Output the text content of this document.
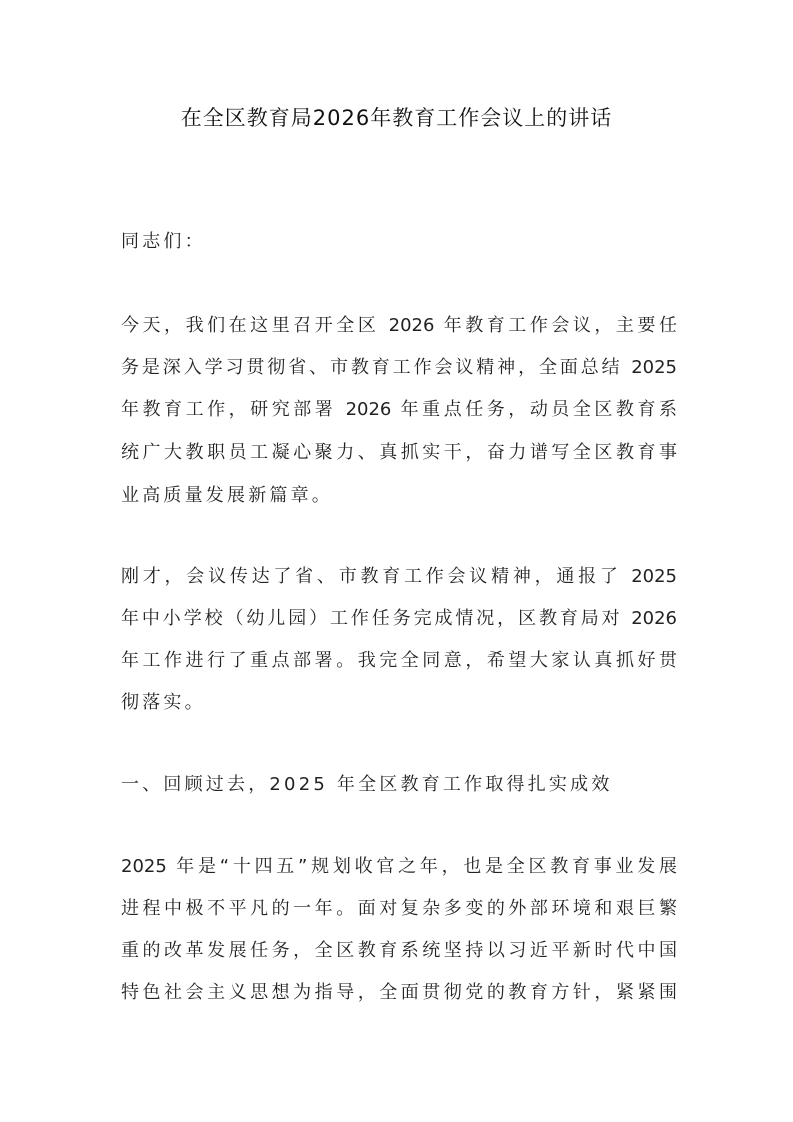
在全区教育局2026年教育工作会议上的讲话
同志们：
今天，我们在这里召开全区 2026 年教育工作会议，主要任
务是深入学习贯彻省、市教育工作会议精神，全面总结 2025
年教育工作，研究部署 2026 年重点任务，动员全区教育系
统广大教职员工凝心聚力、真抓实干，奋力谱写全区教育事
业高质量发展新篇章。
刚才，会议传达了省、市教育工作会议精神，通报了 2025
年中小学校（幼儿园）工作任务完成情况，区教育局对 2026
年工作进行了重点部署。我完全同意，希望大家认真抓好贯
彻落实。
一、回顾过去，2025 年全区教育工作取得扎实成效
2025 年是“十四五”规划收官之年，也是全区教育事业发展
进程中极不平凡的一年。面对复杂多变的外部环境和艰巨繁
重的改革发展任务，全区教育系统坚持以习近平新时代中国
特色社会主义思想为指导，全面贯彻党的教育方针，紧紧围
